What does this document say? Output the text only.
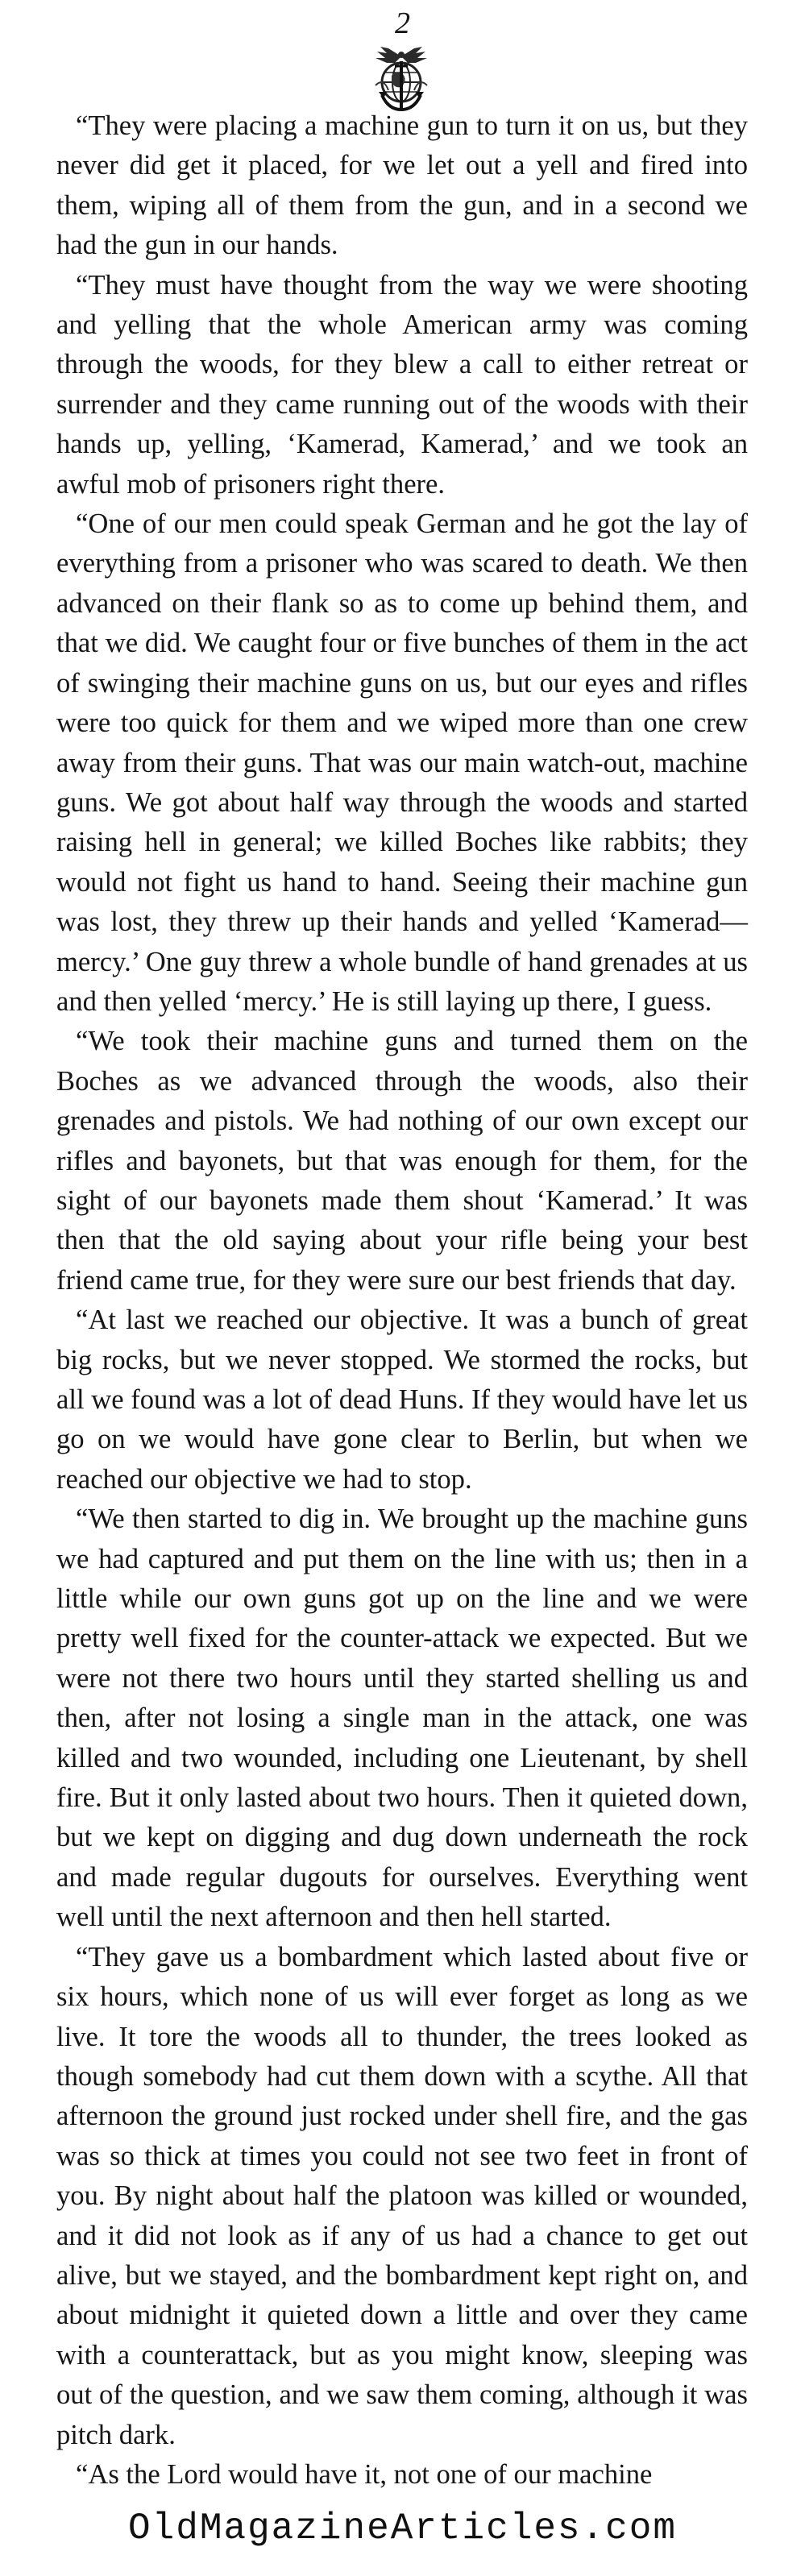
2

“They were placing a machine gun to turn it on us, but they never did get it placed, for we let out a yell and fired into them, wiping all of them from the gun, and in a second we had the gun in our hands.

“They must have thought from the way we were shooting and yelling that the whole American army was coming through the woods, for they blew a call to either retreat or surrender and they came running out of the woods with their hands up, yelling, ‘Kamerad, Kamerad,’ and we took an awful mob of prisoners right there.

“One of our men could speak German and he got the lay of everything from a prisoner who was scared to death. We then advanced on their flank so as to come up behind them, and that we did. We caught four or five bunches of them in the act of swinging their machine guns on us, but our eyes and rifles were too quick for them and we wiped more than one crew away from their guns. That was our main watch-out, machine guns. We got about half way through the woods and started raising hell in general; we killed Boches like rabbits; they would not fight us hand to hand. Seeing their machine gun was lost, they threw up their hands and yelled ‘Kamerad—mercy.’ One guy threw a whole bundle of hand grenades at us and then yelled ‘mercy.’ He is still laying up there, I guess.

“We took their machine guns and turned them on the Boches as we advanced through the woods, also their grenades and pistols. We had nothing of our own except our rifles and bayonets, but that was enough for them, for the sight of our bayonets made them shout ‘Kamerad.’ It was then that the old saying about your rifle being your best friend came true, for they were sure our best friends that day.

“At last we reached our objective. It was a bunch of great big rocks, but we never stopped. We stormed the rocks, but all we found was a lot of dead Huns. If they would have let us go on we would have gone clear to Berlin, but when we reached our objective we had to stop.

“We then started to dig in. We brought up the machine guns we had captured and put them on the line with us; then in a little while our own guns got up on the line and we were pretty well fixed for the counter-attack we expected. But we were not there two hours until they started shelling us and then, after not losing a single man in the attack, one was killed and two wounded, including one Lieutenant, by shell fire. But it only lasted about two hours. Then it quieted down, but we kept on digging and dug down underneath the rock and made regular dugouts for ourselves. Everything went well until the next afternoon and then hell started.

“They gave us a bombardment which lasted about five or six hours, which none of us will ever forget as long as we live. It tore the woods all to thunder, the trees looked as though somebody had cut them down with a scythe. All that afternoon the ground just rocked under shell fire, and the gas was so thick at times you could not see two feet in front of you. By night about half the platoon was killed or wounded, and it did not look as if any of us had a chance to get out alive, but we stayed, and the bombardment kept right on, and about midnight it quieted down a little and over they came with a counterattack, but as you might know, sleeping was out of the question, and we saw them coming, although it was pitch dark.

“As the Lord would have it, not one of our machine

OldMagazineArticles.com
